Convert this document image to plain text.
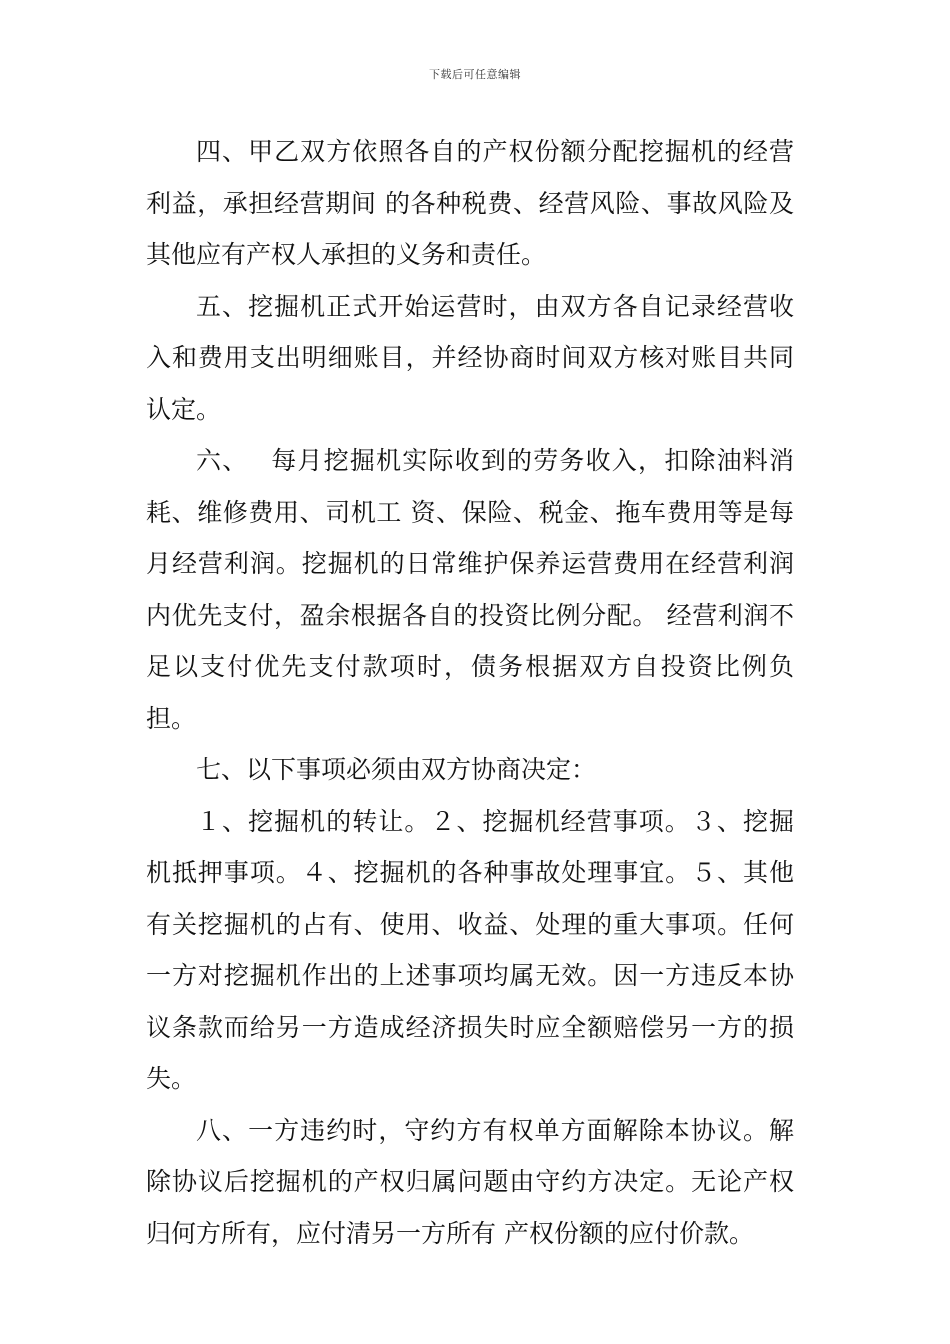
下载后可任意编辑

四、甲乙双方依照各自的产权份额分配挖掘机的经营利益，承担经营期间 的各种税费、经营风险、事故风险及其他应有产权人承担的义务和责任。

五、挖掘机正式开始运营时，由双方各自记录经营收入和费用支出明细账目，并经协商时间双方核对账目共同认定。

六、　 每月挖掘机实际收到的劳务收入，扣除油料消耗、维修费用、司机工 资、保险、税金、拖车费用等是每月经营利润。挖掘机的日常维护保养运营费用在经营利润内优先支付，盈余根据各自的投资比例分配。 经营利润不足以支付优先支付款项时，债务根据双方自投资比例负担。

七、以下事项必须由双方协商决定：

１、挖掘机的转让。２、挖掘机经营事项。３、挖掘机抵押事项。４、挖掘机的各种事故处理事宜。５、其他有关挖掘机的占有、使用、收益、处理的重大事项。任何一方对挖掘机作出的上述事项均属无效。因一方违反本协议条款而给另一方造成经济损失时应全额赔偿另一方的损失。

八、一方违约时，守约方有权单方面解除本协议。解除协议后挖掘机的产权归属问题由守约方决定。无论产权归何方所有，应付清另一方所有 产权份额的应付价款。
